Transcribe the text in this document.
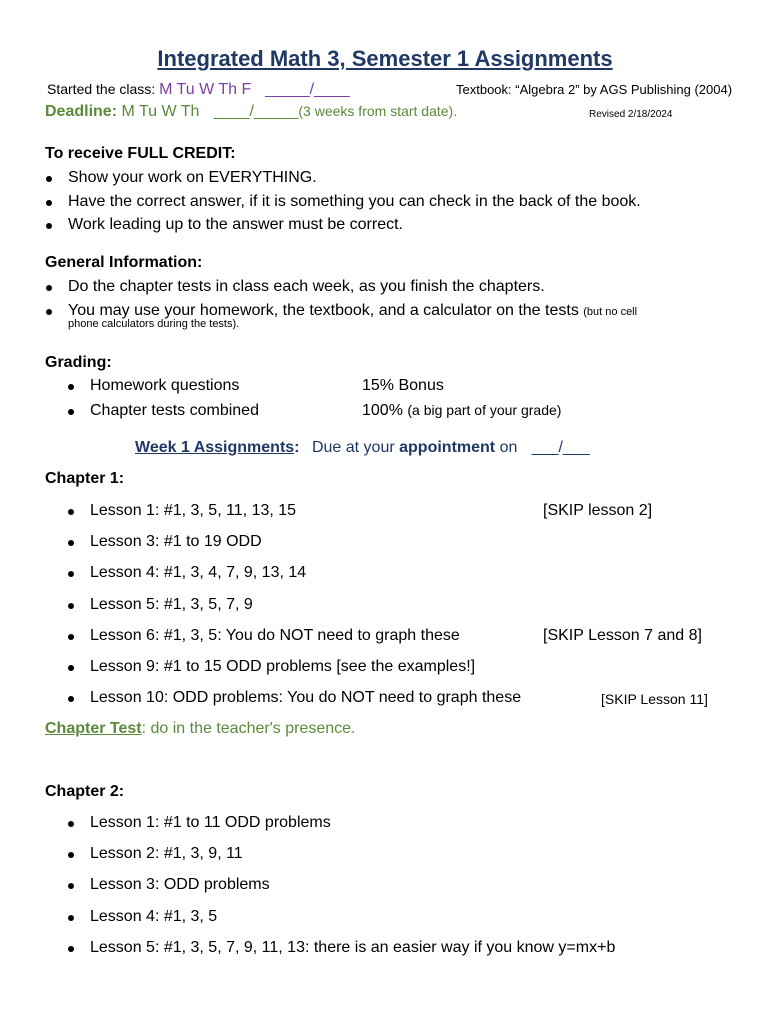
Integrated Math 3, Semester 1 Assignments
Started the class: M Tu W Th F _____/____	Textbook: “Algebra 2” by AGS Publishing (2004)
Deadline: M Tu W Th ____/_____(3 weeks from start date).	Revised 2/18/2024
To receive FULL CREDIT:
Show your work on EVERYTHING.
Have the correct answer, if it is something you can check in the back of the book.
Work leading up to the answer must be correct.
General Information:
Do the chapter tests in class each week, as you finish the chapters.
You may use your homework, the textbook, and a calculator on the tests (but no cell
phone calculators during the tests).
Grading:
Homework questions	15% Bonus
Chapter tests combined	100% (a big part of your grade)
Week 1 Assignments: Due at your appointment on ___/___
Chapter 1:
Lesson 1: #1, 3, 5, 11, 13, 15	[SKIP lesson 2]
Lesson 3: #1 to 19 ODD
Lesson 4: #1, 3, 4, 7, 9, 13, 14
Lesson 5: #1, 3, 5, 7, 9
Lesson 6: #1, 3, 5: You do NOT need to graph these	[SKIP Lesson 7 and 8]
Lesson 9: #1 to 15 ODD problems [see the examples!]
Lesson 10: ODD problems: You do NOT need to graph these	[SKIP Lesson 11]
Chapter Test: do in the teacher's presence.
Chapter 2:
Lesson 1: #1 to 11 ODD problems
Lesson 2: #1, 3, 9, 11
Lesson 3: ODD problems
Lesson 4: #1, 3, 5
Lesson 5: #1, 3, 5, 7, 9, 11, 13: there is an easier way if you know y=mx+b
